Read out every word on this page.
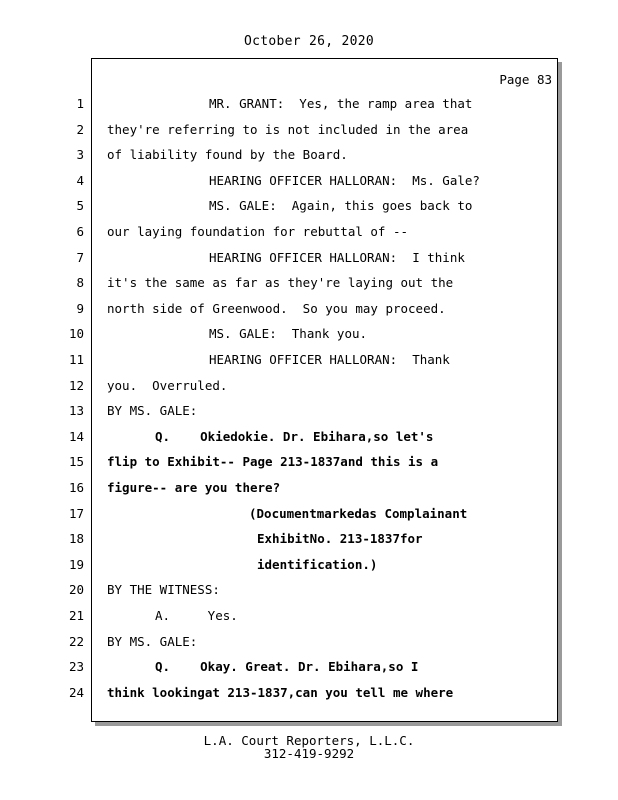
October 26, 2020
Page 83
1	MR. GRANT:  Yes, the ramp area that
2 they're referring to is not included in the area
3 of liability found by the Board.
4	HEARING OFFICER HALLORAN:  Ms. Gale?
5	MS. GALE:  Again, this goes back to
6 our laying foundation for rebuttal of --
7	HEARING OFFICER HALLORAN:  I think
8 it's the same as far as they're laying out the
9 north side of Greenwood.  So you may proceed.
10	MS. GALE:  Thank you.
11	HEARING OFFICER HALLORAN:  Thank
12 you.  Overruled.
13 BY MS. GALE:
14	Q.    Okiedokie. Dr. Ebihara,so let's
15 flip to Exhibit-- Page 213-1837and this is a
16 figure-- are you there?
17	(Documentmarkedas Complainant
18	ExhibitNo. 213-1837for
19	identification.)
20 BY THE WITNESS:
21	A.     Yes.
22 BY MS. GALE:
23	Q.    Okay. Great. Dr. Ebihara,so I
24 think lookingat 213-1837,can you tell me where
L.A. Court Reporters, L.L.C.
312-419-9292
